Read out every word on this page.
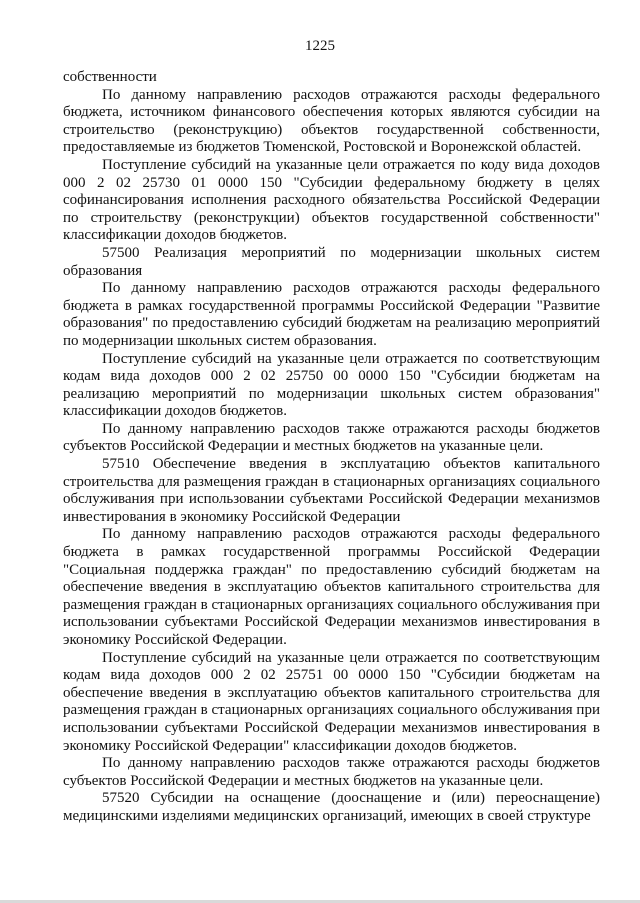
1225

собственности

По данному направлению расходов отражаются расходы федерального бюджета, источником финансового обеспечения которых являются субсидии на строительство (реконструкцию) объектов государственной собственности, предоставляемые из бюджетов Тюменской, Ростовской и Воронежской областей.

Поступление субсидий на указанные цели отражается по коду вида доходов 000 2 02 25730 01 0000 150 "Субсидии федеральному бюджету в целях софинансирования исполнения расходного обязательства Российской Федерации по строительству (реконструкции) объектов государственной собственности" классификации доходов бюджетов.

57500 Реализация мероприятий по модернизации школьных систем образования

По данному направлению расходов отражаются расходы федерального бюджета в рамках государственной программы Российской Федерации "Развитие образования" по предоставлению субсидий бюджетам на реализацию мероприятий по модернизации школьных систем образования.

Поступление субсидий на указанные цели отражается по соответствующим кодам вида доходов 000 2 02 25750 00 0000 150 "Субсидии бюджетам на реализацию мероприятий по модернизации школьных систем образования" классификации доходов бюджетов.

По данному направлению расходов также отражаются расходы бюджетов субъектов Российской Федерации и местных бюджетов на указанные цели.

57510 Обеспечение введения в эксплуатацию объектов капитального строительства для размещения граждан в стационарных организациях социального обслуживания при использовании субъектами Российской Федерации механизмов инвестирования в экономику Российской Федерации

По данному направлению расходов отражаются расходы федерального бюджета в рамках государственной программы Российской Федерации "Социальная поддержка граждан" по предоставлению субсидий бюджетам на обеспечение введения в эксплуатацию объектов капитального строительства для размещения граждан в стационарных организациях социального обслуживания при использовании субъектами Российской Федерации механизмов инвестирования в экономику Российской Федерации.

Поступление субсидий на указанные цели отражается по соответствующим кодам вида доходов 000 2 02 25751 00 0000 150 "Субсидии бюджетам на обеспечение введения в эксплуатацию объектов капитального строительства для размещения граждан в стационарных организациях социального обслуживания при использовании субъектами Российской Федерации механизмов инвестирования в экономику Российской Федерации" классификации доходов бюджетов.

По данному направлению расходов также отражаются расходы бюджетов субъектов Российской Федерации и местных бюджетов на указанные цели.

57520 Субсидии на оснащение (дооснащение и (или) переоснащение) медицинскими изделиями медицинских организаций, имеющих в своей структуре
